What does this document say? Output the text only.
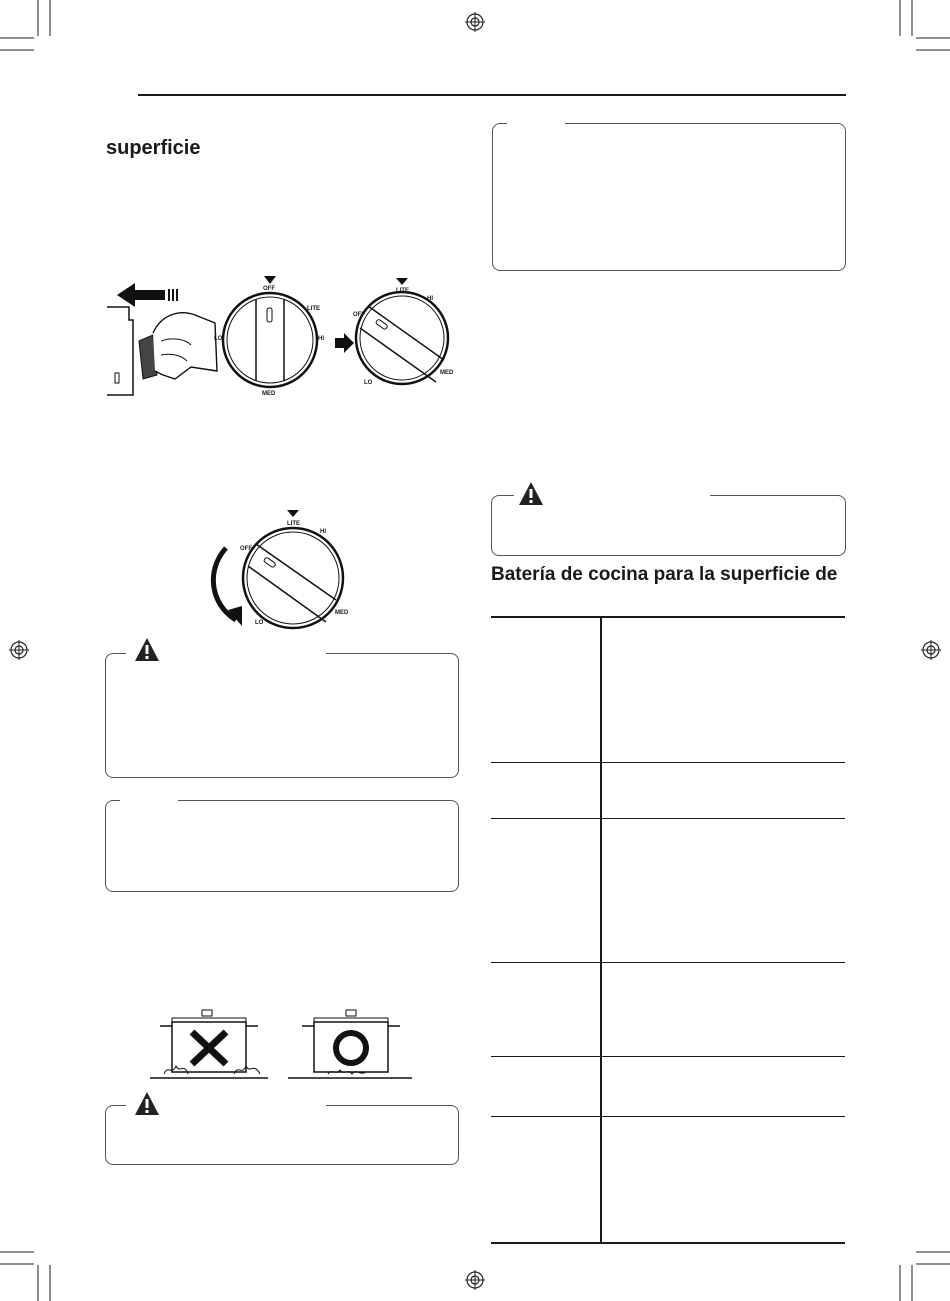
superficie
OFF
LITE
HI
LO
MED
LITE
HI
OFF
LO
MED
LITE
HI
OFF
LO
MED
Batería de cocina para la superficie de
